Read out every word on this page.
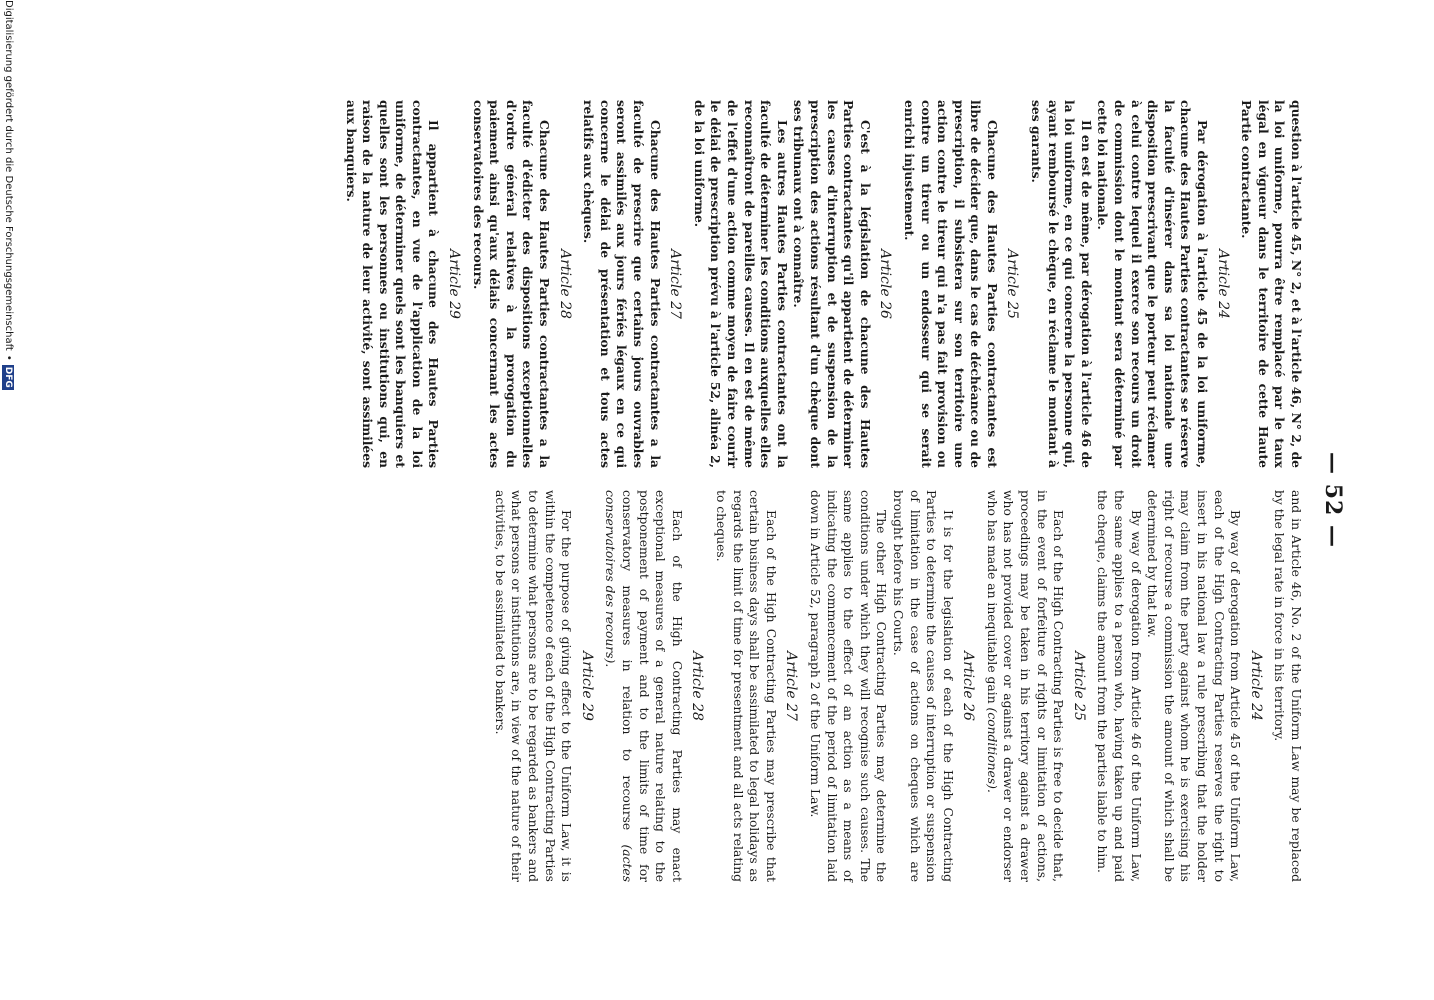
— 52 —

question à l'article 45, N° 2, et à l'article 46, N° 2, de la loi uniforme, pourra être remplacé par le taux légal en vigueur dans le territoire de cette Haute Partie contractante.

Article 24

Par dérogation à l'article 45 de la loi uniforme, chacune des Hautes Parties contractantes se réserve la faculté d'insérer dans sa loi nationale une disposition prescrivant que le porteur peut réclamer à celui contre lequel il exerce son recours un droit de commission dont le montant sera déterminé par cette loi nationale.

Il en est de même, par dérogation à l'article 46 de la loi uniforme, en ce qui concerne la personne qui, ayant remboursé le chèque, en réclame le montant à ses garants.

Article 25

Chacune des Hautes Parties contractantes est libre de décider que, dans le cas de déchéance ou de prescription, il subsistera sur son territoire une action contre le tireur qui n'a pas fait provision ou contre un tireur ou un endosseur qui se serait enrichi injustement.

Article 26

C'est à la législation de chacune des Hautes Parties contractantes qu'il appartient de déterminer les causes d'interruption et de suspension de la prescription des actions résultant d'un chèque dont ses tribunaux ont à connaître.

Les autres Hautes Parties contractantes ont la faculté de déterminer les conditions auxquelles elles reconnaîtront de pareilles causes. Il en est de même de l'effet d'une action comme moyen de faire courir le délai de prescription prévu à l'article 52, alinéa 2, de la loi uniforme.

Article 27

Chacune des Hautes Parties contractantes a la faculté de prescrire que certains jours ouvrables seront assimilés aux jours fériés légaux en ce qui concerne le délai de présentation et tous actes relatifs aux chèques.

Article 28

Chacune des Hautes Parties contractantes a la faculté d'édicter des dispositions exceptionnelles d'ordre général relatives à la prorogation du paiement ainsi qu'aux délais concernant les actes conservatoires des recours.

Article 29

Il appartient à chacune des Hautes Parties contractantes, en vue de l'application de la loi uniforme, de déterminer quels sont les banquiers et quelles sont les personnes ou institutions qui, en raison de la nature de leur activité, sont assimilées aux banquiers.

and in Article 46, No. 2 of the Uniform Law may be replaced by the legal rate in force in his territory.

Article 24

By way of derogation from Article 45 of the Uniform Law, each of the High Contracting Parties reserves the right to insert in his national law a rule prescribing that the holder may claim from the party against whom he is exercising his right of recourse a commission the amount of which shall be determined by that law.

By way of derogation from Article 46 of the Uniform Law, the same applies to a person who, having taken up and paid the cheque, claims the amount from the parties liable to him.

Article 25

Each of the High Contracting Parties is free to decide that, in the event of forfeiture of rights or limitation of actions, proceedings may be taken in his territory against a drawer who has not provided cover or against a drawer or endorser who has made an inequitable gain (conditiones).

Article 26

It is for the legislation of each of the High Contracting Parties to determine the causes of interruption or suspension of limitation in the case of actions on cheques which are brought before his Courts.

The other High Contracting Parties may determine the conditions under which they will recognise such causes. The same applies to the effect of an action as a means of indicating the commencement of the period of limitation laid down in Article 52, paragraph 2 of the Uniform Law.

Article 27

Each of the High Contracting Parties may prescribe that certain business days shall be assimilated to legal holidays as regards the limit of time for presentment and all acts relating to cheques.

Article 28

Each of the High Contracting Parties may enact exceptional measures of a general nature relating to the postponement of payment and to the limits of time for conservatory measures in relation to recourse (actes conservatoires des recours).

Article 29

For the purpose of giving effect to the Uniform Law, it is within the competence of each of the High Contracting Parties to determine what persons are to be regarded as bankers and what persons or institutions are, in view of the nature of their activities, to be assimilated to bankers.

Digitalisierung gefördert durch die Deutsche Forschungsgemeinschaft
•
DFG
